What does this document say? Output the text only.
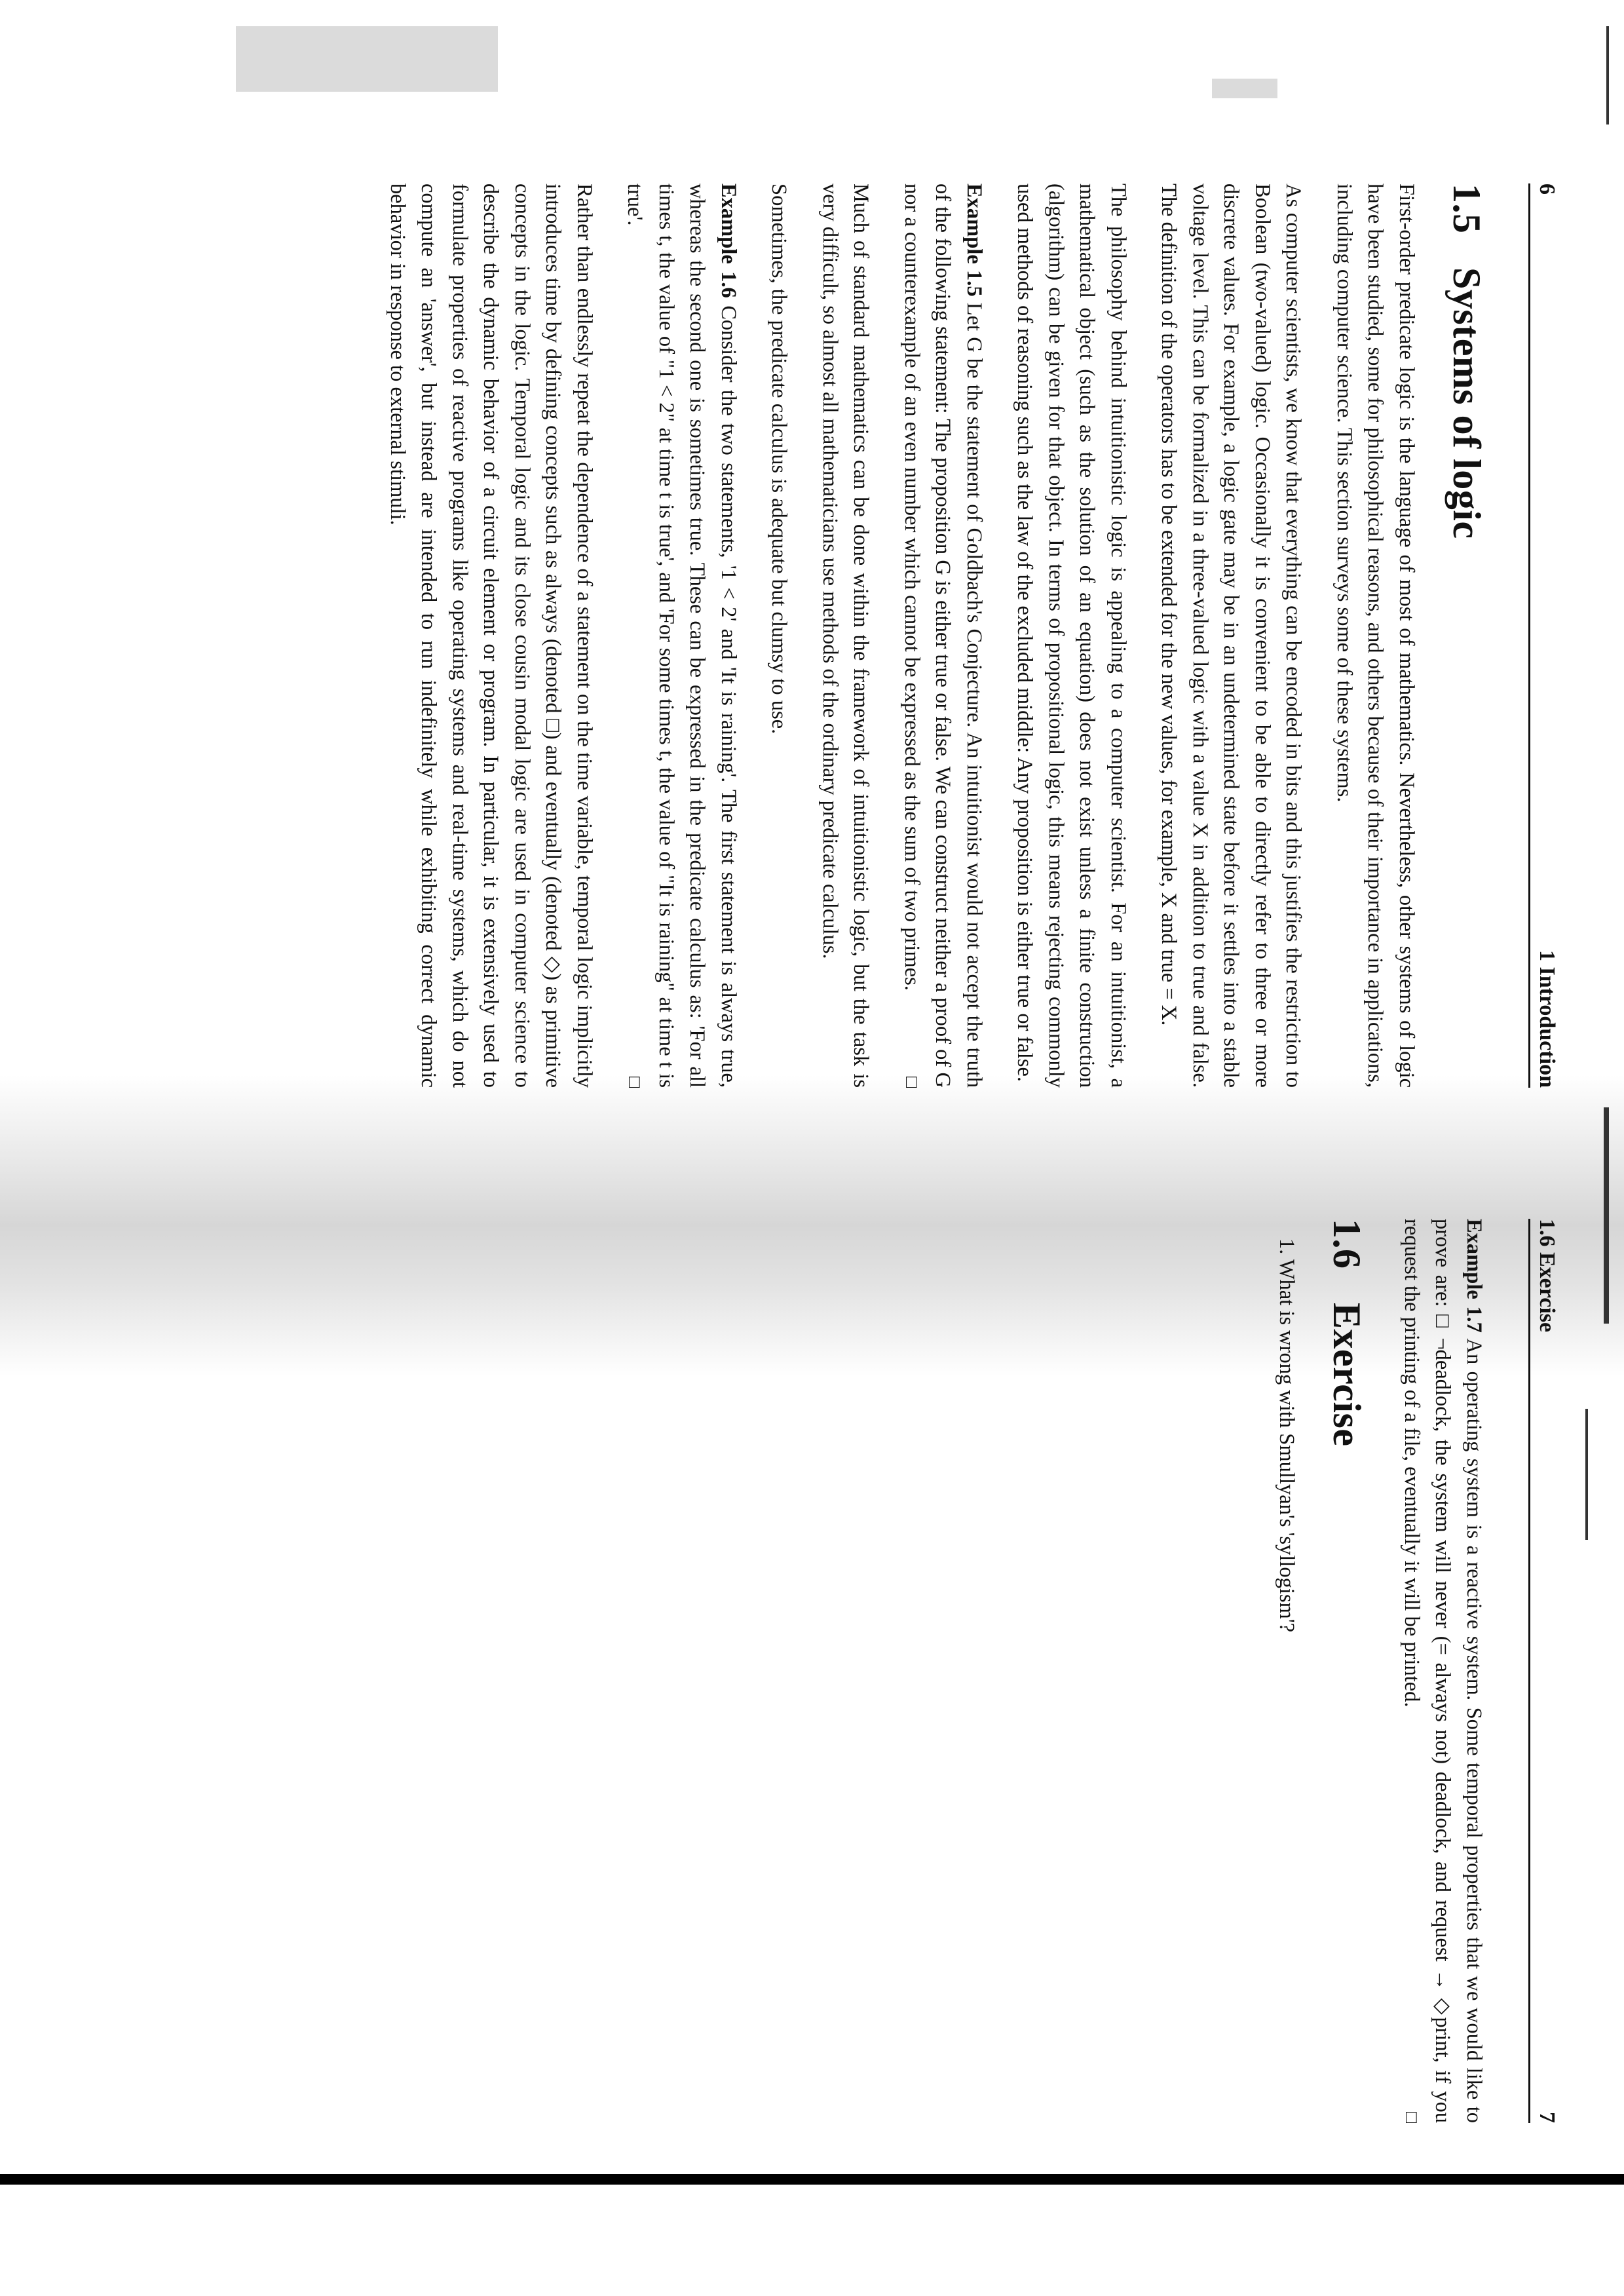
6
1 Introduction
1.5 Systems of logic

First-order predicate logic is the language of most of mathematics. Nevertheless, other systems of logic have been studied, some for philosophical reasons, and others because of their importance in applications, including computer science. This section surveys some of these systems.

As computer scientists, we know that everything can be encoded in bits and this justifies the restriction to Boolean (two-valued) logic. Occasionally it is convenient to be able to directly refer to three or more discrete values. For example, a logic gate may be in an undetermined state before it settles into a stable voltage level. This can be formalized in a three-valued logic with a value X in addition to true and false. The definition of the operators has to be extended for the new values, for example, X and true = X.

The philosophy behind intuitionistic logic is appealing to a computer scientist. For an intuitionist, a mathematical object (such as the solution of an equation) does not exist unless a finite construction (algorithm) can be given for that object. In terms of propositional logic, this means rejecting commonly used methods of reasoning such as the law of the excluded middle: Any proposition is either true or false.

Example 1.5 Let G be the statement of Goldbach's Conjecture. An intuitionist would not accept the truth of the following statement: The proposition G is either true or false. We can construct neither a proof of G nor a counterexample of an even number which cannot be expressed as the sum of two primes.
□

Much of standard mathematics can be done within the framework of intuitionistic logic, but the task is very difficult, so almost all mathematicians use methods of the ordinary predicate calculus.

Sometimes, the predicate calculus is adequate but clumsy to use.

Example 1.6 Consider the two statements, '1 < 2' and 'It is raining'. The first statement is always true, whereas the second one is sometimes true. These can be expressed in the predicate calculus as: 'For all times t, the value of "1 < 2" at time t is true', and 'For some times t, the value of "It is raining" at time t is true'.
□

Rather than endlessly repeat the dependence of a statement on the time variable, temporal logic implicitly introduces time by defining concepts such as always (denoted □) and eventually (denoted ◇) as primitive concepts in the logic. Temporal logic and its close cousin modal logic are used in computer science to describe the dynamic behavior of a circuit element or program. In particular, it is extensively used to formulate properties of reactive programs like operating systems and real-time systems, which do not compute an 'answer', but instead are intended to run indefinitely while exhibiting correct dynamic behavior in response to external stimuli.

1.6 Exercise
7

Example 1.7 An operating system is a reactive system. Some temporal properties that we would like to prove are: □ ¬deadlock, the system will never (= always not) deadlock, and request → ◇print, if you request the printing of a file, eventually it will be printed.
□

1.6 Exercise

1. What is wrong with Smullyan's 'syllogism'?
